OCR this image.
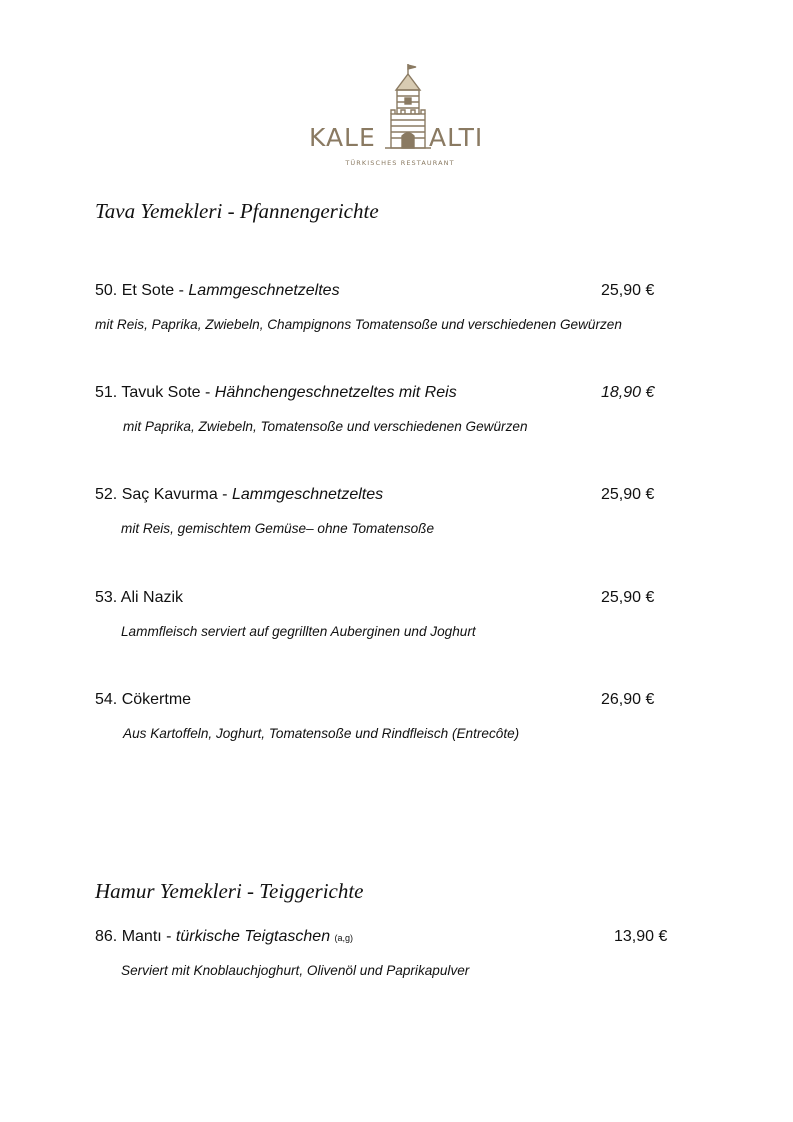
KALE ALTI
TÜRKISCHES RESTAURANT
Tava Yemekleri - Pfannengerichte
50. Et Sote - Lammgeschnetzeltes	25,90 €
mit Reis, Paprika, Zwiebeln, Champignons Tomatensoße und verschiedenen Gewürzen
51. Tavuk Sote - Hähnchengeschnetzeltes mit Reis	18,90 €
mit Paprika, Zwiebeln, Tomatensoße und verschiedenen Gewürzen
52. Saç Kavurma - Lammgeschnetzeltes	25,90 €
mit Reis, gemischtem Gemüse– ohne Tomatensoße
53. Ali Nazik	25,90 €
Lammfleisch serviert auf gegrillten Auberginen und Joghurt
54. Cökertme	26,90 €
Aus Kartoffeln, Joghurt, Tomatensoße und Rindfleisch (Entrecôte)
Hamur Yemekleri - Teiggerichte
86. Mantı - türkische Teigtaschen (a,g)	13,90 €
Serviert mit Knoblauchjoghurt, Olivenöl und Paprikapulver
